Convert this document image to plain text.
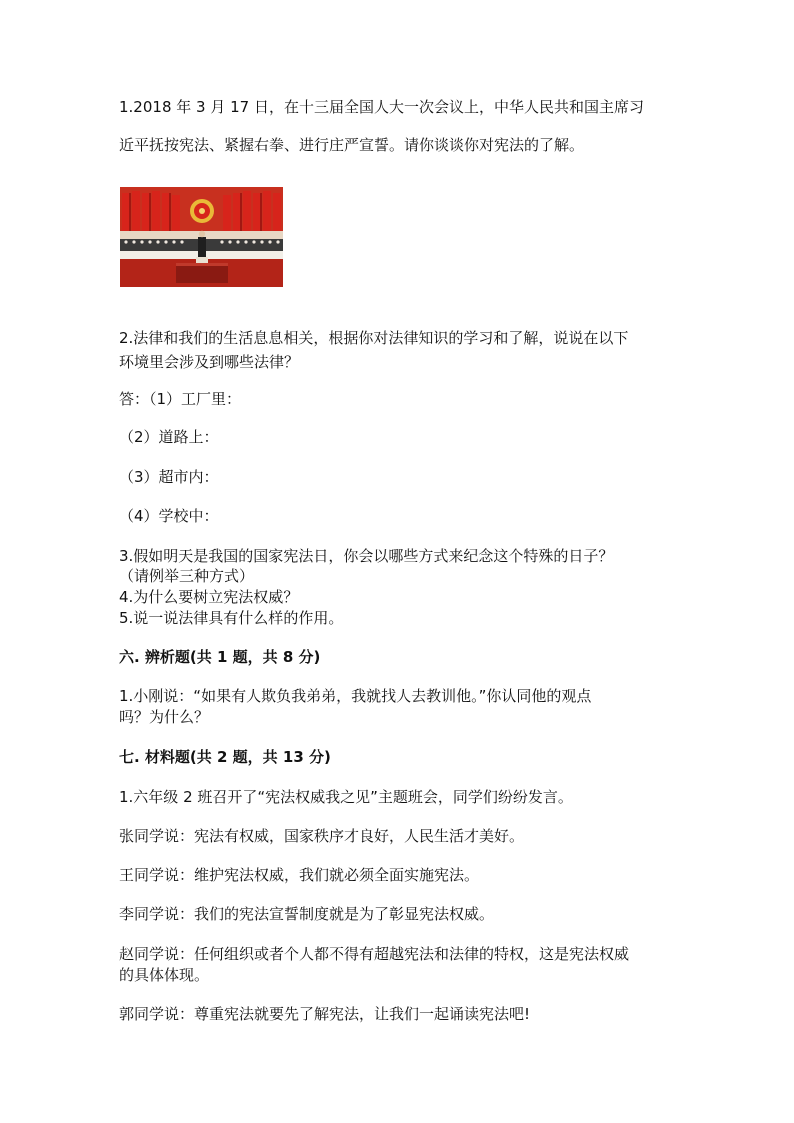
1.2018 年 3 月 17 日，在十三届全国人大一次会议上，中华人民共和国主席习
近平抚按宪法、紧握右拳、进行庄严宣誓。请你谈谈你对宪法的了解。
2.法律和我们的生活息息相关，根据你对法律知识的学习和了解，说说在以下
环境里会涉及到哪些法律？
答：（1）工厂里：
（2）道路上：
（3）超市内：
（4）学校中：
3.假如明天是我国的国家宪法日，你会以哪些方式来纪念这个特殊的日子？
（请例举三种方式）
4.为什么要树立宪法权威？
5.说一说法律具有什么样的作用。
六. 辨析题(共 1 题，共 8 分)
1.小刚说：“如果有人欺负我弟弟，我就找人去教训他。”你认同他的观点
吗？为什么？
七. 材料题(共 2 题，共 13 分)
1.六年级 2 班召开了“宪法权威我之见”主题班会，同学们纷纷发言。
张同学说：宪法有权威，国家秩序才良好，人民生活才美好。
王同学说：维护宪法权威，我们就必须全面实施宪法。
李同学说：我们的宪法宣誓制度就是为了彰显宪法权威。
赵同学说：任何组织或者个人都不得有超越宪法和法律的特权，这是宪法权威
的具体体现。
郭同学说：尊重宪法就要先了解宪法，让我们一起诵读宪法吧!
